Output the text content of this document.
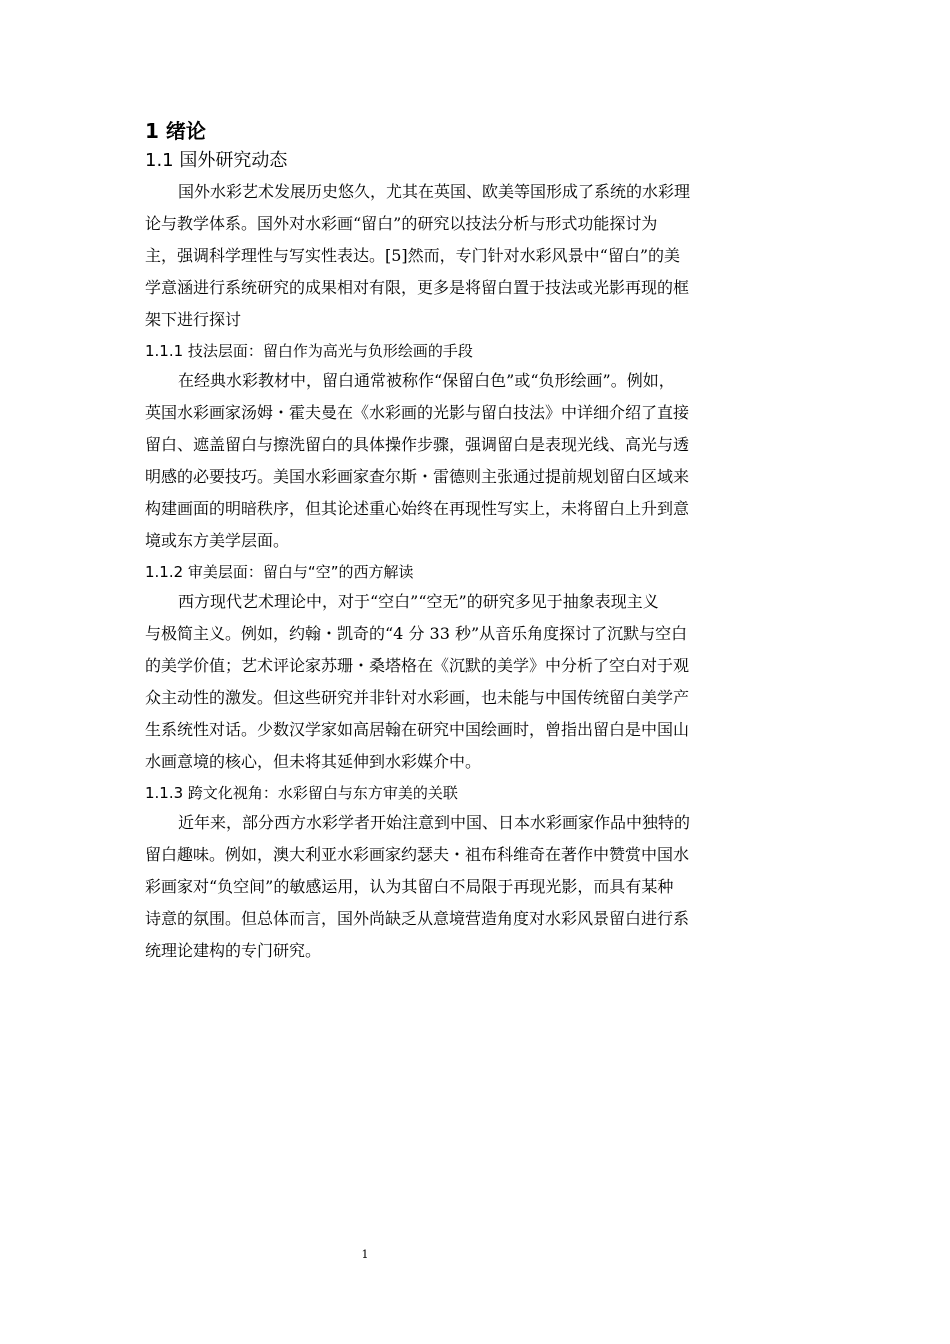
1 绪论
1.1 国外研究动态
国外水彩艺术发展历史悠久，尤其在英国、欧美等国形成了系统的水彩理
论与教学体系。国外对水彩画“留白”的研究以技法分析与形式功能探讨为
主，强调科学理性与写实性表达。[5]然而，专门针对水彩风景中“留白”的美
学意涵进行系统研究的成果相对有限，更多是将留白置于技法或光影再现的框
架下进行探讨
1.1.1 技法层面：留白作为高光与负形绘画的手段
在经典水彩教材中，留白通常被称作“保留白色”或“负形绘画”。例如，
英国水彩画家汤姆・霍夫曼在《水彩画的光影与留白技法》中详细介绍了直接
留白、遮盖留白与擦洗留白的具体操作步骤，强调留白是表现光线、高光与透
明感的必要技巧。美国水彩画家查尔斯・雷德则主张通过提前规划留白区域来
构建画面的明暗秩序，但其论述重心始终在再现性写实上，未将留白上升到意
境或东方美学层面。
1.1.2 审美层面：留白与“空”的西方解读
西方现代艺术理论中，对于“空白”“空无”的研究多见于抽象表现主义
与极简主义。例如，约翰・凯奇的“4 分 33 秒”从音乐角度探讨了沉默与空白
的美学价值；艺术评论家苏珊・桑塔格在《沉默的美学》中分析了空白对于观
众主动性的激发。但这些研究并非针对水彩画，也未能与中国传统留白美学产
生系统性对话。少数汉学家如高居翰在研究中国绘画时，曾指出留白是中国山
水画意境的核心，但未将其延伸到水彩媒介中。
1.1.3 跨文化视角：水彩留白与东方审美的关联
近年来，部分西方水彩学者开始注意到中国、日本水彩画家作品中独特的
留白趣味。例如，澳大利亚水彩画家约瑟夫・祖布科维奇在著作中赞赏中国水
彩画家对“负空间”的敏感运用，认为其留白不局限于再现光影，而具有某种
诗意的氛围。但总体而言，国外尚缺乏从意境营造角度对水彩风景留白进行系
统理论建构的专门研究。
1
